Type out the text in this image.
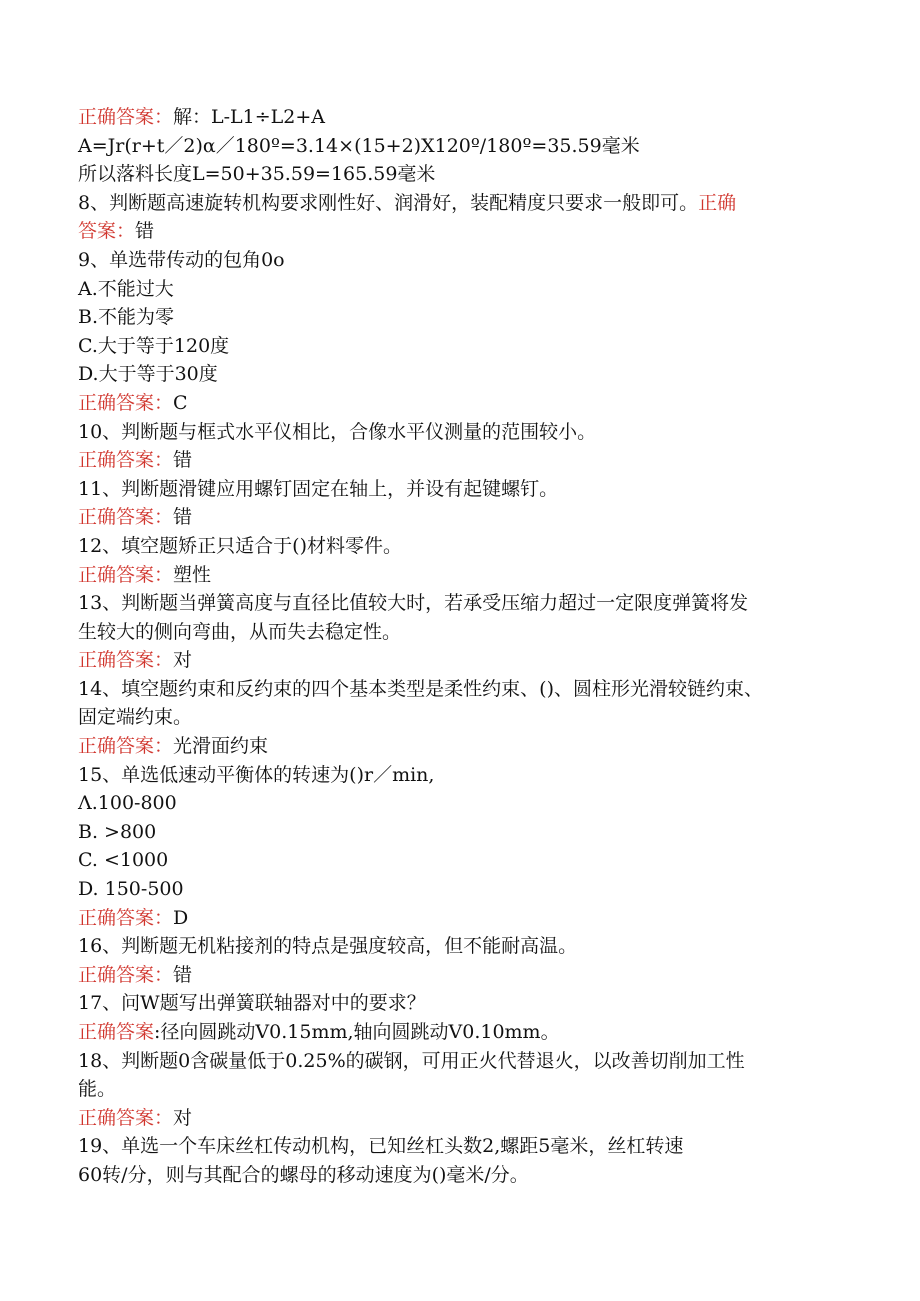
正确答案：解：L-L1÷L2+A
A=Jr(r+t／2)α／180º=3.14×(15+2)X120º/180º=35.59毫米
所以落料长度L=50+35.59=165.59毫米
8、判断题高速旋转机构要求刚性好、润滑好，装配精度只要求一般即可。正确
答案：错
9、单选带传动的包角0o
A.不能过大
B.不能为零
C.大于等于120度
D.大于等于30度
正确答案：C
10、判断题与框式水平仪相比，合像水平仪测量的范围较小。
正确答案：错
11、判断题滑键应用螺钉固定在轴上，并设有起键螺钉。
正确答案：错
12、填空题矫正只适合于()材料零件。
正确答案：塑性
13、判断题当弹簧高度与直径比值较大时，若承受压缩力超过一定限度弹簧将发
生较大的侧向弯曲，从而失去稳定性。
正确答案：对
14、填空题约束和反约束的四个基本类型是柔性约束、()、圆柱形光滑较链约束、
固定端约束。
正确答案：光滑面约束
15、单选低速动平衡体的转速为()r／min,
Λ.100-800
B. >800
C. <1000
D. 150-500
正确答案：D
16、判断题无机粘接剂的特点是强度较高，但不能耐高温。
正确答案：错
17、问W题写出弹簧联轴器对中的要求？
正确答案:径向圆跳动V0.15mm,轴向圆跳动V0.10mm。
18、判断题0含碳量低于0.25%的碳钢，可用正火代替退火，以改善切削加工性
能。
正确答案：对
19、单选一个车床丝杠传动机构，已知丝杠头数2,螺距5毫米，丝杠转速
60转/分，则与其配合的螺母的移动速度为()毫米/分。
